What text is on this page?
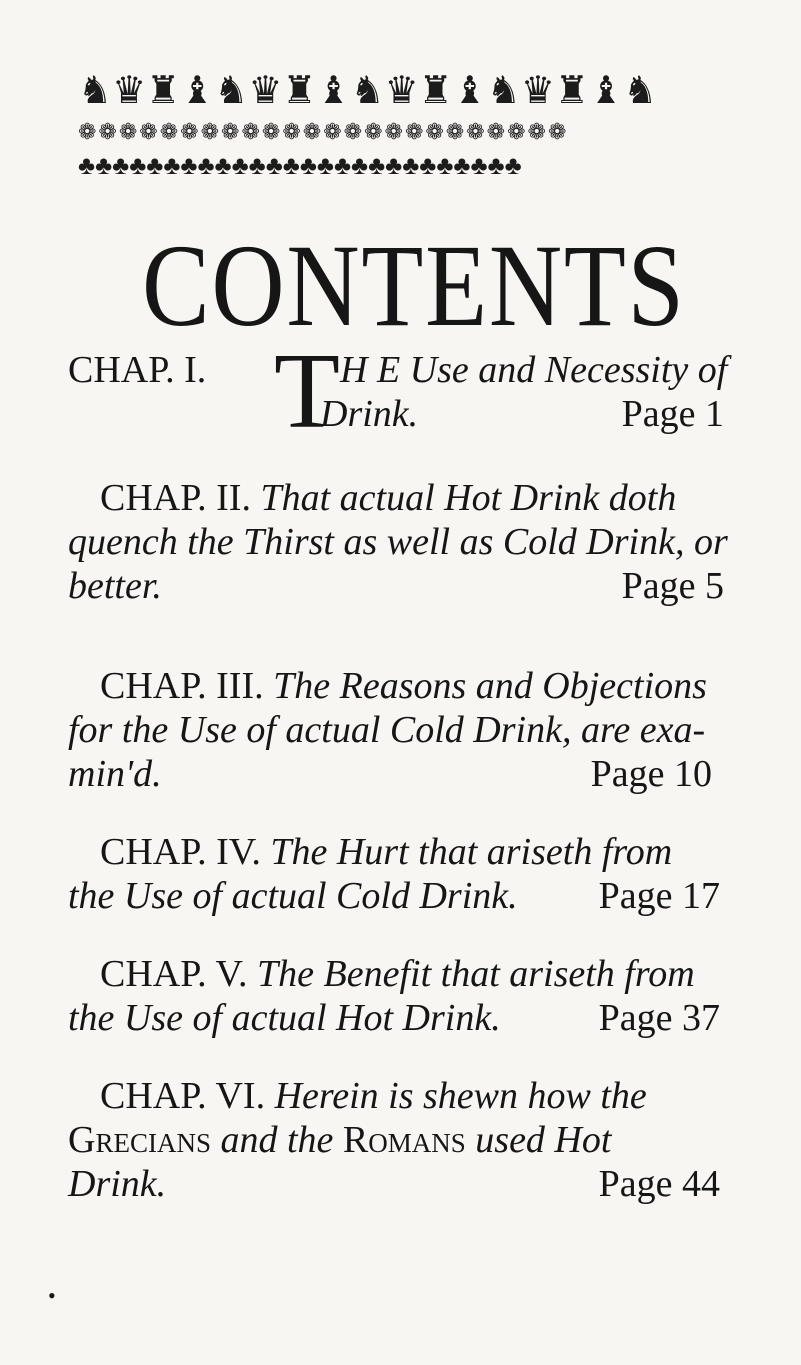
♞♛♜♝♞♛♜♝♞♛♜♝♞♛♜♝♞
❁❁❁❁❁❁❁❁❁❁❁❁❁❁❁❁❁❁❁❁❁❁❁❁
♣♣♣♣♣♣♣♣♣♣♣♣♣♣♣♣♣♣♣♣♣♣♣♣♣♣
CONTENTS
CHAP. I. T H E Use and Necessity of
Drink.	Page 1
CHAP. II. That actual Hot Drink doth
quench the Thirst as well as Cold Drink, or
better.	Page 5
CHAP. III. The Reasons and Objections
for the Use of actual Cold Drink, are exa-
min'd.	Page 10
CHAP. IV. The Hurt that ariseth from
the Use of actual Cold Drink. Page 17
CHAP. V. The Benefit that ariseth from
the Use of actual Hot Drink.	Page 37
CHAP. VI. Herein is shewn how the
Grecians and the Romans used Hot
Drink.	Page 44
•
